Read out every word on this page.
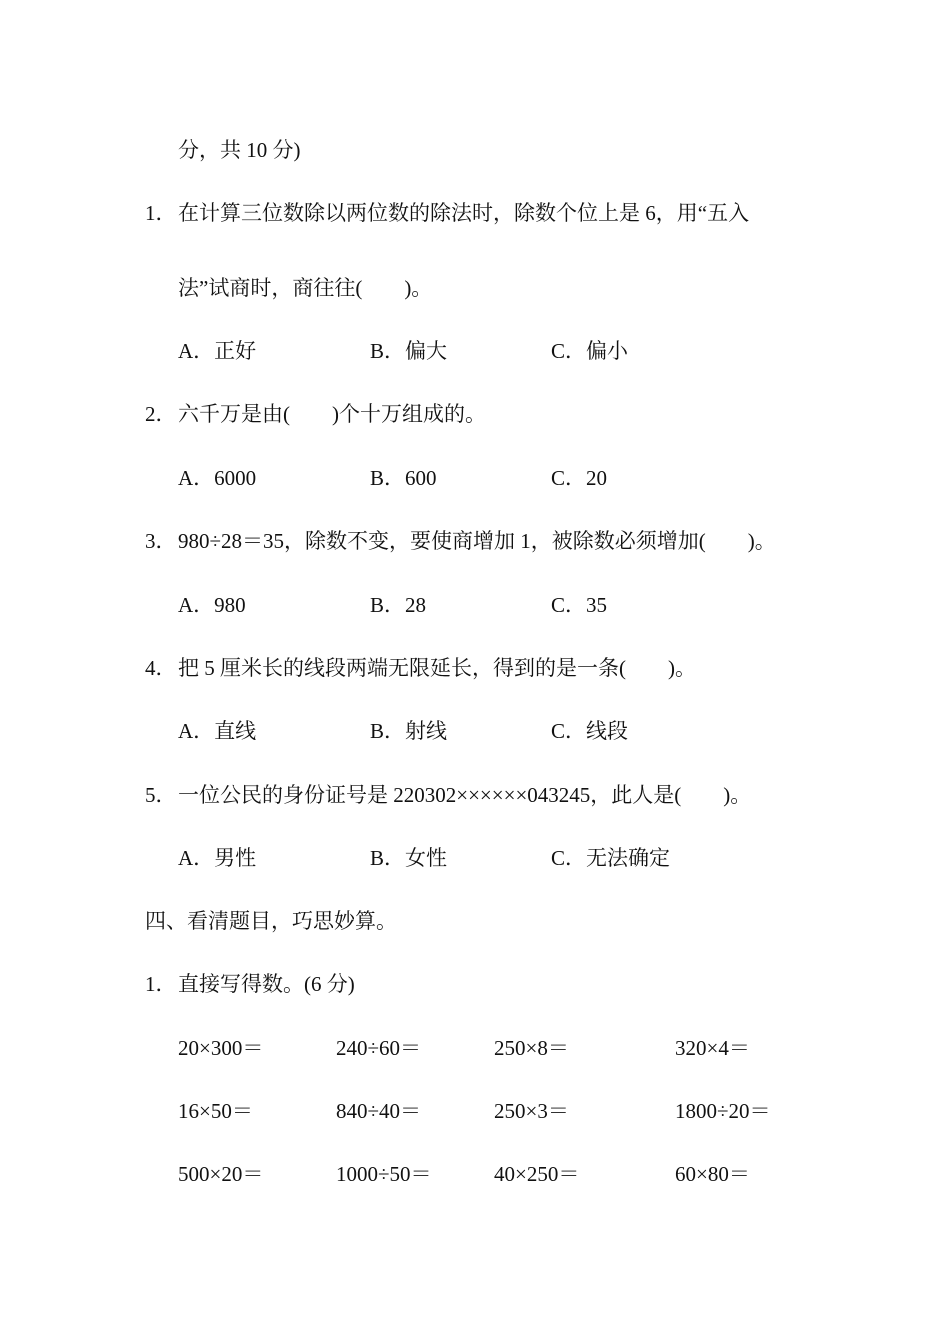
分，共 10 分)
1． 在计算三位数除以两位数的除法时，除数个位上是 6，用“五入
法”试商时，商往往(　　)。
A．正好	B．偏大	C．偏小
2． 六千万是由(　　)个十万组成的。
A．6000	B．600	C．20
3． 980÷28＝35，除数不变，要使商增加 1，被除数必须增加(　　)。
A．980	B．28	C．35
4． 把 5 厘米长的线段两端无限延长，得到的是一条(　　)。
A．直线	B．射线	C．线段
5． 一位公民的身份证号是 220302××××××043245，此人是(　　)。
A．男性	B．女性	C．无法确定
四、看清题目，巧思妙算。
1． 直接写得数。(6 分)
20×300＝	240÷60＝	250×8＝	320×4＝
16×50＝	840÷40＝	250×3＝	1800÷20＝
500×20＝	1000÷50＝	40×250＝	60×80＝
